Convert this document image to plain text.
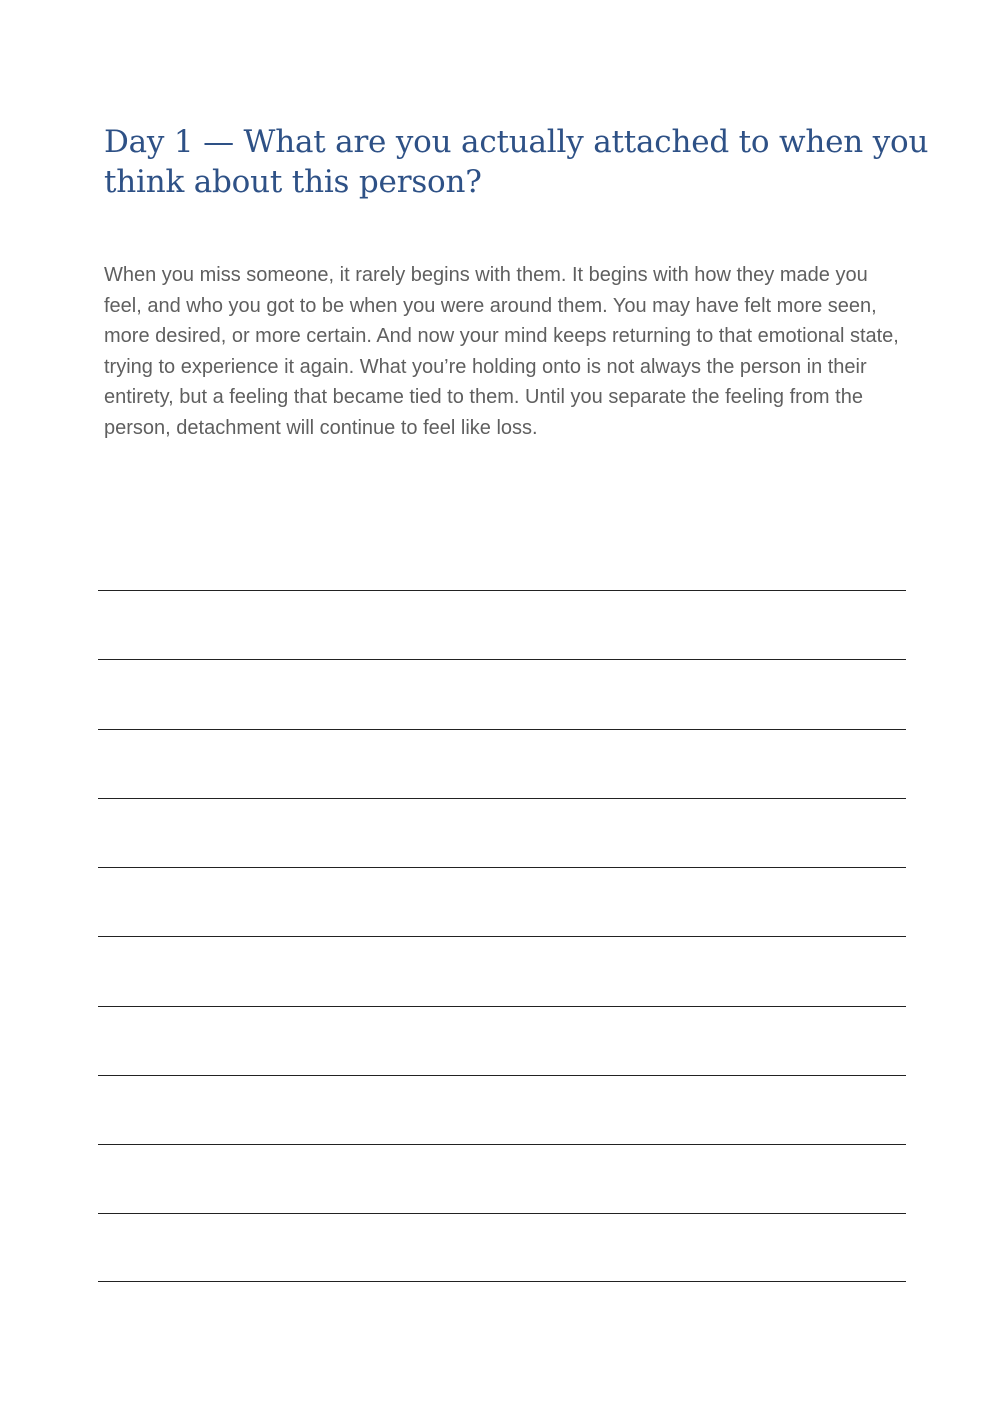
Day 1 — What are you actually attached to when you think about this person?

When you miss someone, it rarely begins with them. It begins with how they made you feel, and who you got to be when you were around them. You may have felt more seen, more desired, or more certain. And now your mind keeps returning to that emotional state, trying to experience it again. What you’re holding onto is not always the person in their entirety, but a feeling that became tied to them. Until you separate the feeling from the person, detachment will continue to feel like loss.
